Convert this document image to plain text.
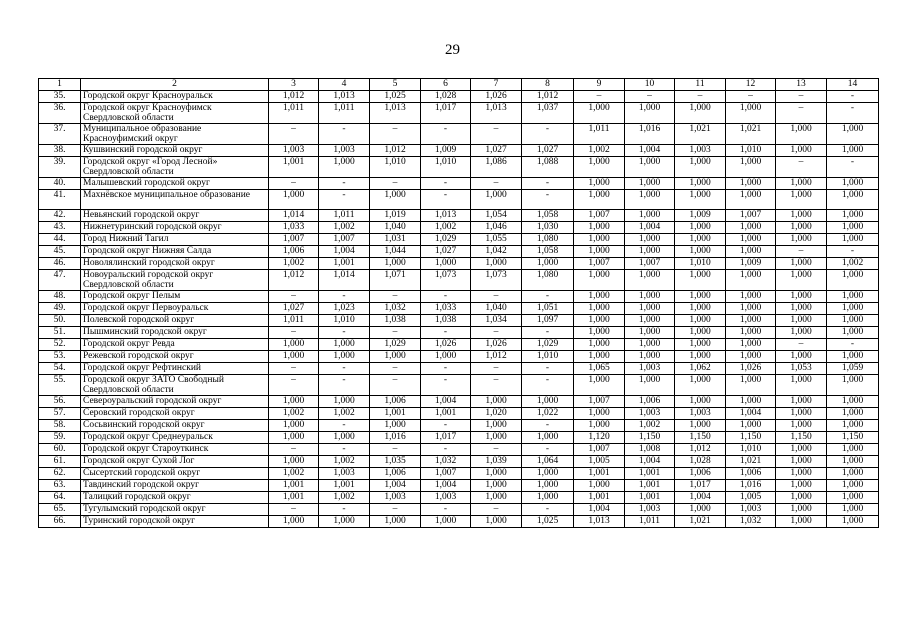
29
1	2	3	4	5	6	7	8	9	10	11	12	13	14
35.	Городской округ Красноуральск	1,012	1,013	1,025	1,028	1,026	1,012	–	–	–	–	–	-
36.	Городской округ Красноуфимск Свердловской области	1,011	1,011	1,013	1,017	1,013	1,037	1,000	1,000	1,000	1,000	–	-
37.	Муниципальное образование Красноуфимский округ	–	-	–	-	–	-	1,011	1,016	1,021	1,021	1,000	1,000
38.	Кушвинский городской округ	1,003	1,003	1,012	1,009	1,027	1,027	1,002	1,004	1,003	1,010	1,000	1,000
39.	Городской округ «Город Лесной» Свердловской области	1,001	1,000	1,010	1,010	1,086	1,088	1,000	1,000	1,000	1,000	–	-
40.	Малышевский городской округ	–	-	–	-	–	-	1,000	1,000	1,000	1,000	1,000	1,000
41.	Махнёвское муниципальное образование	1,000	-	1,000	-	1,000	-	1,000	1,000	1,000	1,000	1,000	1,000
42.	Невьянский городской округ	1,014	1,011	1,019	1,013	1,054	1,058	1,007	1,000	1,009	1,007	1,000	1,000
43.	Нижнетуринский городской округ	1,033	1,002	1,040	1,002	1,046	1,030	1,000	1,004	1,000	1,000	1,000	1,000
44.	Город Нижний Тагил	1,007	1,007	1,031	1,029	1,055	1,080	1,000	1,000	1,000	1,000	1,000	1,000
45.	Городской округ Нижняя Салда	1,006	1,004	1,044	1,027	1,042	1,058	1,000	1,000	1,000	1,000	–	-
46.	Новолялинский городской округ	1,002	1,001	1,000	1,000	1,000	1,000	1,007	1,007	1,010	1,009	1,000	1,002
47.	Новоуральский городской округ Свердловской области	1,012	1,014	1,071	1,073	1,073	1,080	1,000	1,000	1,000	1,000	1,000	1,000
48.	Городской округ Пелым	–	-	–	-	–	-	1,000	1,000	1,000	1,000	1,000	1,000
49.	Городской округ Первоуральск	1,027	1,023	1,032	1,033	1,040	1,051	1,000	1,000	1,000	1,000	1,000	1,000
50.	Полевской городской округ	1,011	1,010	1,038	1,038	1,034	1,097	1,000	1,000	1,000	1,000	1,000	1,000
51.	Пышминский городской округ	–	-	–	-	–	-	1,000	1,000	1,000	1,000	1,000	1,000
52.	Городской округ Ревда	1,000	1,000	1,029	1,026	1,026	1,029	1,000	1,000	1,000	1,000	–	-
53.	Режевской городской округ	1,000	1,000	1,000	1,000	1,012	1,010	1,000	1,000	1,000	1,000	1,000	1,000
54.	Городской округ Рефтинский	–	-	–	-	–	-	1,065	1,003	1,062	1,026	1,053	1,059
55.	Городской округ ЗАТО Свободный Свердловской области	–	-	–	-	–	-	1,000	1,000	1,000	1,000	1,000	1,000
56.	Североуральский городской округ	1,000	1,000	1,006	1,004	1,000	1,000	1,007	1,006	1,000	1,000	1,000	1,000
57.	Серовский городской округ	1,002	1,002	1,001	1,001	1,020	1,022	1,000	1,003	1,003	1,004	1,000	1,000
58.	Сосьвинский городской округ	1,000	-	1,000	-	1,000	-	1,000	1,002	1,000	1,000	1,000	1,000
59.	Городской округ Среднеуральск	1,000	1,000	1,016	1,017	1,000	1,000	1,120	1,150	1,150	1,150	1,150	1,150
60.	Городской округ Староуткинск	–	-	–	-	–	-	1,007	1,008	1,012	1,010	1,000	1,000
61.	Городской округ Сухой Лог	1,000	1,002	1,035	1,032	1,039	1,064	1,005	1,004	1,028	1,021	1,000	1,000
62.	Сысертский городской округ	1,002	1,003	1,006	1,007	1,000	1,000	1,001	1,001	1,006	1,006	1,000	1,000
63.	Тавдинский городской округ	1,001	1,001	1,004	1,004	1,000	1,000	1,000	1,001	1,017	1,016	1,000	1,000
64.	Талицкий городской округ	1,001	1,002	1,003	1,003	1,000	1,000	1,001	1,001	1,004	1,005	1,000	1,000
65.	Тугулымский городской округ	–	-	–	-	–	-	1,004	1,003	1,000	1,003	1,000	1,000
66.	Туринский городской округ	1,000	1,000	1,000	1,000	1,000	1,025	1,013	1,011	1,021	1,032	1,000	1,000
